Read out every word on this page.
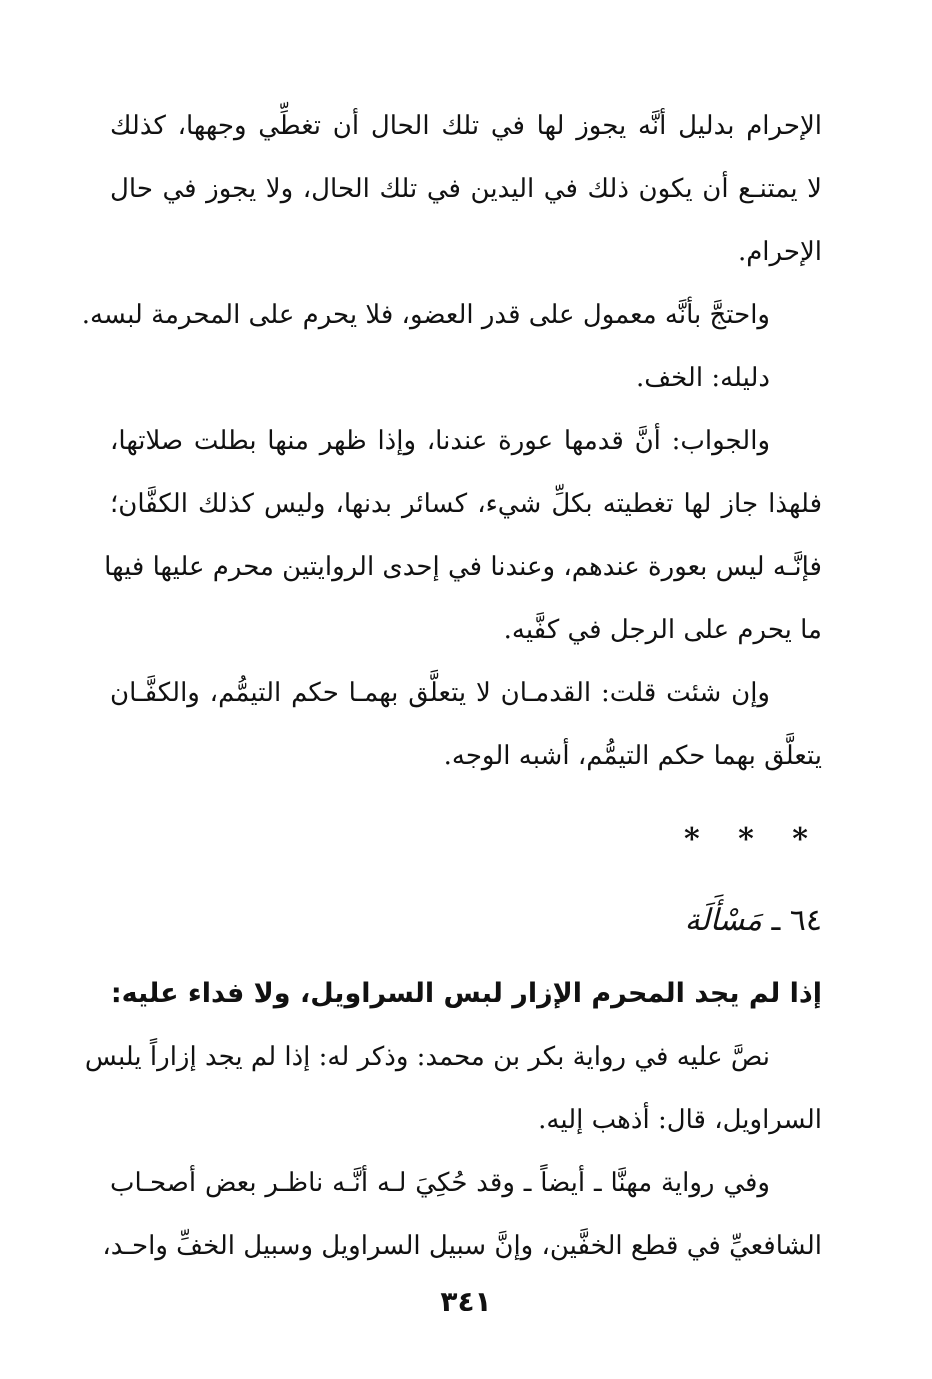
الإحرام بدليل أنَّه يجوز لها في تلك الحال أن تغطِّي وجهها، كذلك
لا يمتنـع أن يكون ذلك في اليدين في تلك الحال، ولا يجوز في حال
الإحرام.

واحتجَّ بأنَّه معمول على قدر العضو، فلا يحرم على المحرمة لبسه.

دليله: الخف.

والجواب: أنَّ قدمها عورة عندنا، وإذا ظهر منها بطلت صلاتها،
فلهذا جاز لها تغطيته بكلِّ شيء، كسائر بدنها، وليس كذلك الكفَّان؛
فإنَّـه ليس بعورة عندهم، وعندنا في إحدى الروايتين محرم عليها فيها
ما يحرم على الرجل في كفَّيه.

وإن شئت قلت: القدمـان لا يتعلَّق بهمـا حكم التيمُّم، والكفَّـان
يتعلَّق بهما حكم التيمُّم، أشبه الوجه.

* * *
٦٤ ـ مَسْأَلَة
إذا لم يجد المحرم الإزار لبس السراويل، ولا فداء عليه:

نصَّ عليه في رواية بكر بن محمد: وذكر له: إذا لم يجد إزاراً يلبس
السراويل، قال: أذهب إليه.

وفي رواية مهنَّا ـ أيضاً ـ وقد حُكِيَ لـه أنَّـه ناظـر بعض أصحـاب
الشافعيِّ في قطع الخفَّين، وإنَّ سبيل السراويل وسبيل الخفِّ واحـد،

٣٤١
